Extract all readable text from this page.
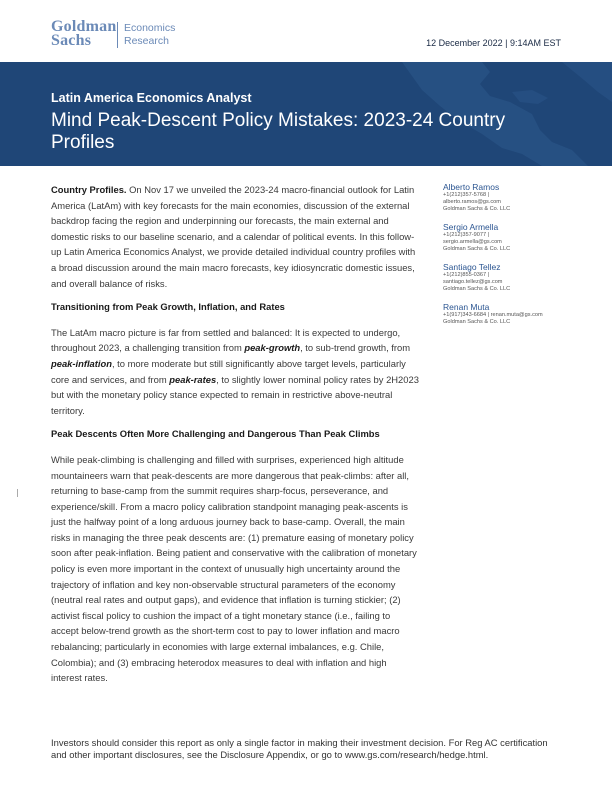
Goldman
Sachs
Economics
Research	12 December 2022 | 9:14AM EST
Latin America Economics Analyst
Mind Peak-Descent Policy Mistakes: 2023-24 Country Profiles

Country Profiles. On Nov 17 we unveiled the 2023-24 macro-financial outlook for Latin America (LatAm) with key forecasts for the main economies, discussion of the external backdrop facing the region and underpinning our forecasts, the main external and domestic risks to our baseline scenario, and a calendar of political events. In this follow-up Latin America Economics Analyst, we provide detailed individual country profiles with a broad discussion around the main macro forecasts, key idiosyncratic domestic issues, and overall balance of risks.

Transitioning from Peak Growth, Inflation, and Rates

The LatAm macro picture is far from settled and balanced: It is expected to undergo, throughout 2023, a challenging transition from peak-growth, to sub-trend growth, from peak-inflation, to more moderate but still significantly above target levels, particularly core and services, and from peak-rates, to slightly lower nominal policy rates by 2H2023 but with the monetary policy stance expected to remain in restrictive above-neutral territory.

Peak Descents Often More Challenging and Dangerous Than Peak Climbs

While peak-climbing is challenging and filled with surprises, experienced high altitude mountaineers warn that peak-descents are more dangerous that peak-climbs: after all, returning to base-camp from the summit requires sharp-focus, perseverance, and experience/skill. From a macro policy calibration standpoint managing peak-ascents is just the halfway point of a long arduous journey back to base-camp. Overall, the main risks in managing the three peak descents are: (1) premature easing of monetary policy soon after peak-inflation. Being patient and conservative with the calibration of monetary policy is even more important in the context of unusually high uncertainty around the trajectory of inflation and key non-observable structural parameters of the economy (neutral real rates and output gaps), and evidence that inflation is turning stickier; (2) activist fiscal policy to cushion the impact of a tight monetary stance (i.e., failing to accept below-trend growth as the short-term cost to pay to lower inflation and macro rebalancing; particularly in economies with large external imbalances, e.g. Chile, Colombia); and (3) embracing heterodox measures to deal with inflation and high interest rates.

Alberto Ramos
+1(212)357-5768 |
alberto.ramos@gs.com
Goldman Sachs & Co. LLC
Sergio Armella
+1(212)357-9077 |
sergio.armella@gs.com
Goldman Sachs & Co. LLC
Santiago Tellez
+1(212)855-0367 |
santiago.tellez@gs.com
Goldman Sachs & Co. LLC
Renan Muta
+1(917)343-6684 | renan.muta@gs.com
Goldman Sachs & Co. LLC
Investors should consider this report as only a single factor in making their investment decision. For Reg AC certification and other important disclosures, see the Disclosure Appendix, or go to www.gs.com/research/hedge.html.
